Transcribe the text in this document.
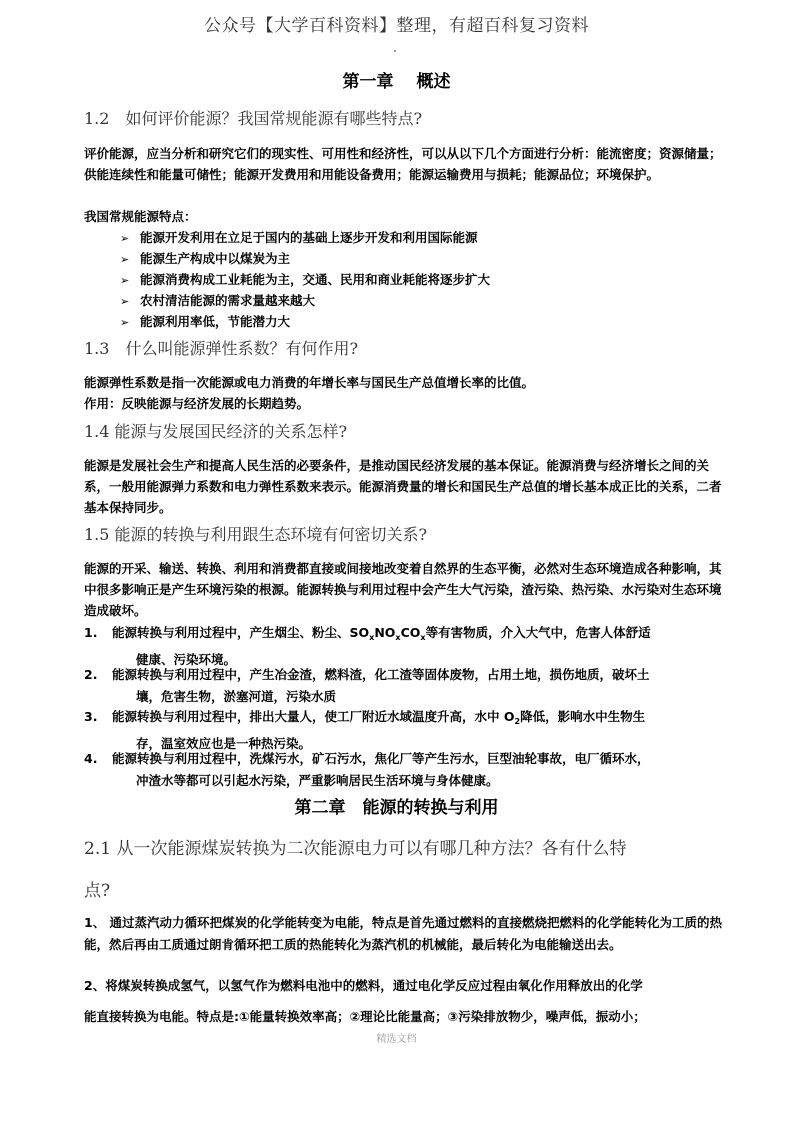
公众号【大学百科资料】整理，有超百科复习资料
第一章　 概述
1.2　如何评价能源？我国常规能源有哪些特点?
评价能源，应当分析和研究它们的现实性、可用性和经济性，可以从以下几个方面进行分析：能流密度；资源储量；供能连续性和能量可储性；能源开发费用和用能设备费用；能源运输费用与损耗；能源品位；环境保护。
我国常规能源特点：
➢ 能源开发利用在立足于国内的基础上逐步开发和利用国际能源
➢ 能源生产构成中以煤炭为主
➢ 能源消费构成工业耗能为主，交通、民用和商业耗能将逐步扩大
➢ 农村清洁能源的需求量越来越大
➢ 能源利用率低，节能潜力大
1.3　什么叫能源弹性系数？有何作用?
能源弹性系数是指一次能源或电力消费的年增长率与国民生产总值增长率的比值。
作用：反映能源与经济发展的长期趋势。
1.4 能源与发展国民经济的关系怎样?
能源是发展社会生产和提高人民生活的必要条件，是推动国民经济发展的基本保证。能源消费与经济增长之间的关系，一般用能源弹力系数和电力弹性系数来表示。能源消费量的增长和国民生产总值的增长基本成正比的关系，二者基本保持同步。
1.5 能源的转换与利用跟生态环境有何密切关系?
能源的开采、输送、转换、利用和消费都直接或间接地改变着自然界的生态平衡，必然对生态环境造成各种影响，其中很多影响正是产生环境污染的根源。能源转换与利用过程中会产生大气污染，渣污染、热污染、水污染对生态环境造成破坏。
1. 能源转换与利用过程中，产生烟尘、粉尘、$SO_xNO_xCO_x$等有害物质，介入大气中，危害人体舒适
健康、污染环境。
2. 能源转换与利用过程中，产生冶金渣，燃料渣，化工渣等固体废物，占用土地，损伤地质，破坏土
壤，危害生物，淤塞河道，污染水质
3. 能源转换与利用过程中，排出大量人，使工厂附近水域温度升高，水中 $O_2$降低，影响水中生物生
存，温室效应也是一种热污染。
4. 能源转换与利用过程中，洗煤污水，矿石污水，焦化厂等产生污水，巨型油轮事故，电厂循环水，
冲渣水等都可以引起水污染，严重影响居民生活环境与身体健康。
第二章　能源的转换与利用
2.1 从一次能源煤炭转换为二次能源电力可以有哪几种方法？各有什么特
点?
1、 通过蒸汽动力循环把煤炭的化学能转变为电能，特点是首先通过燃料的直接燃烧把燃料的化学能转化为工质的热能，然后再由工质通过朗肯循环把工质的热能转化为蒸汽机的机械能，最后转化为电能输送出去。
2、将煤炭转换成氢气，以氢气作为燃料电池中的燃料，通过电化学反应过程由氧化作用释放出的化学
能直接转换为电能。特点是:①能量转换效率高；②理论比能量高；③污染排放物少，噪声低，振动小；
精选文档
